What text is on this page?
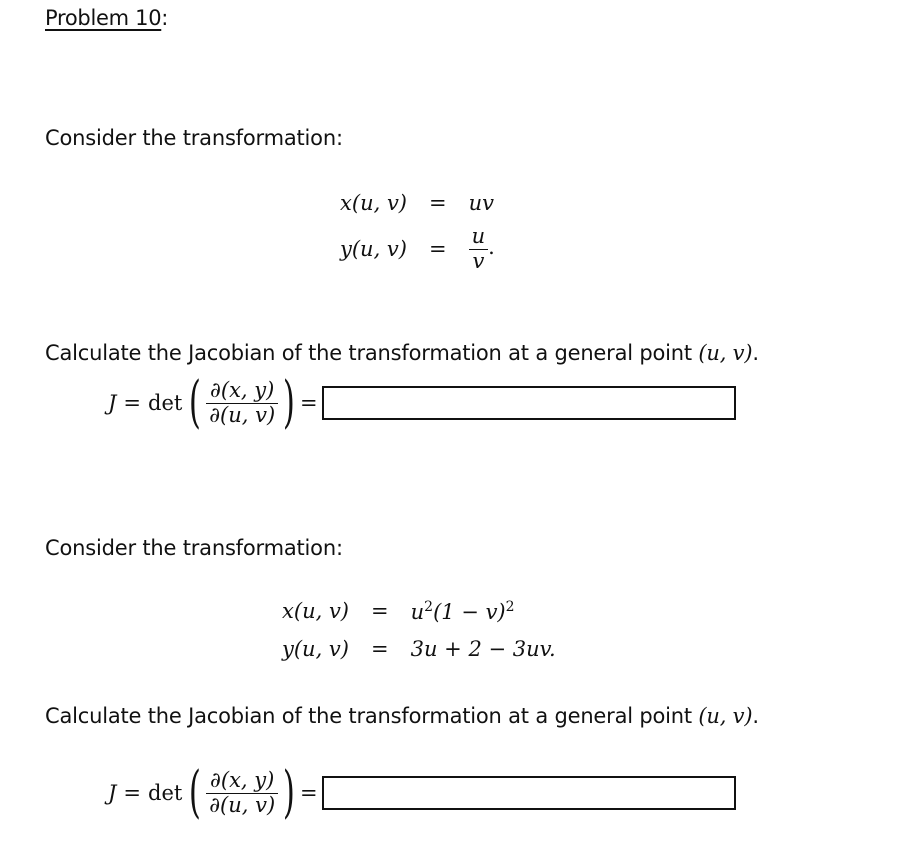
Problem 10:
Consider the transformation:
x(u, v)	=	uv
y(u, v)	=	$\frac{u}{v}$ .
Calculate the Jacobian of the transformation at a general point (u, v).
J = det ( $\frac{\partial(x, y)}{\partial(u, v)}$ ) =
Consider the transformation:
x(u, v)	=	$u^2(1 - v)^2$
y(u, v)	=	3u + 2 − 3uv.
Calculate the Jacobian of the transformation at a general point (u, v).
J = det ( $\frac{\partial(x, y)}{\partial(u, v)}$ ) =
